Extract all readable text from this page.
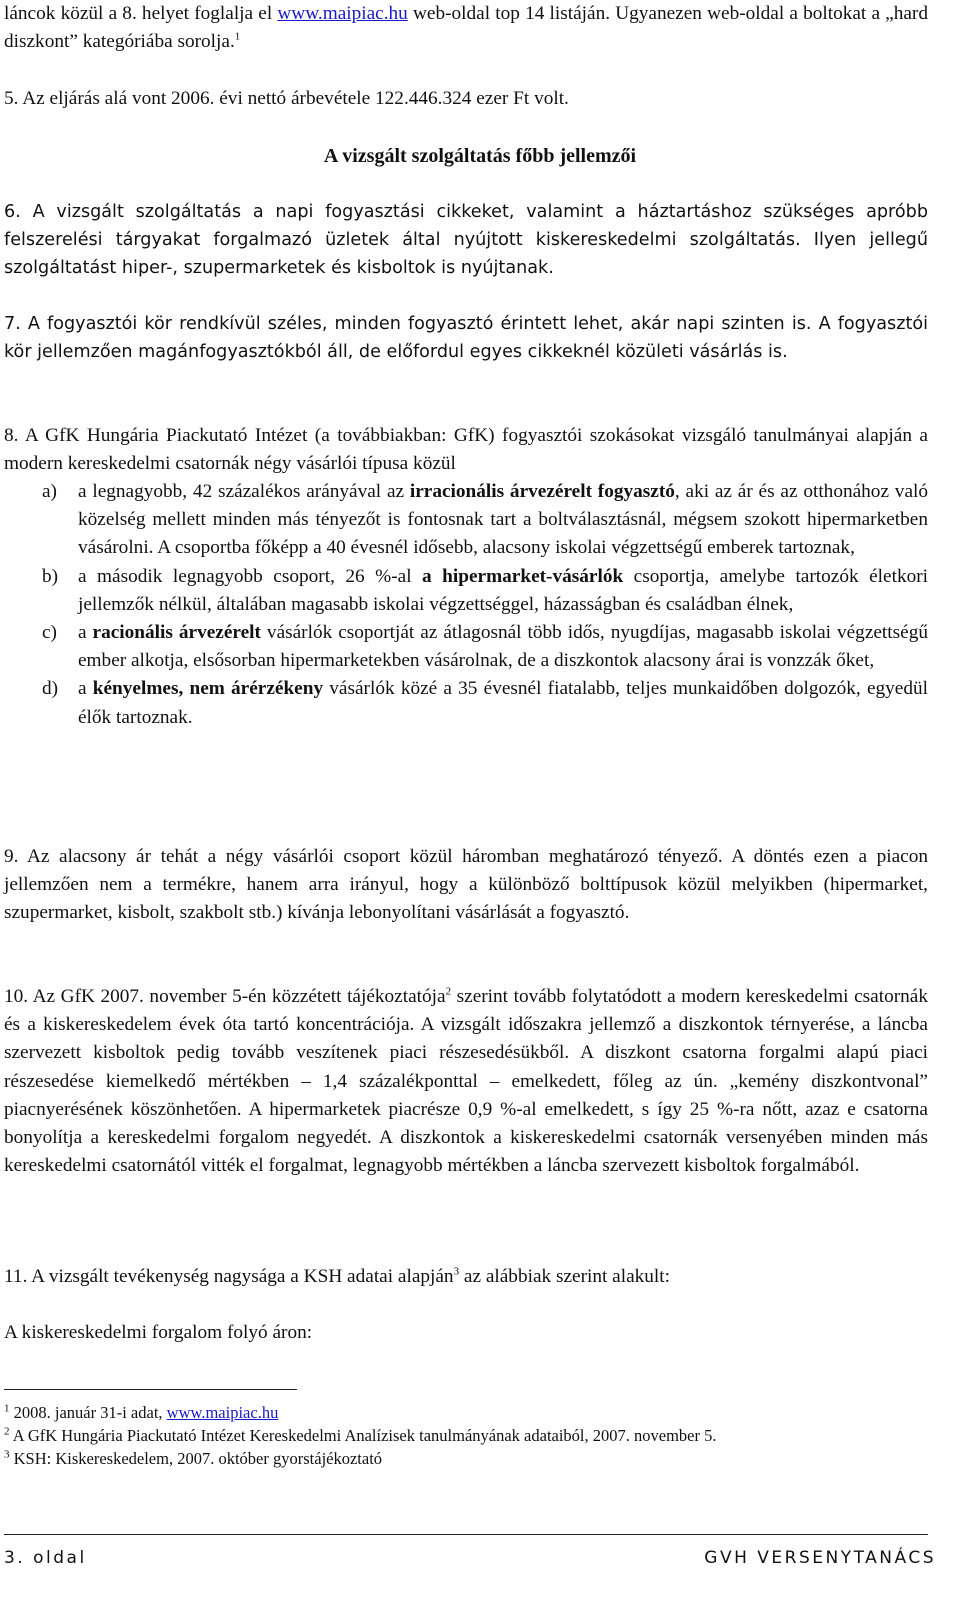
láncok közül a 8. helyet foglalja el www.maipiac.hu web-oldal top 14 listáján. Ugyanezen web-oldal a boltokat a „hard diszkont” kategóriába sorolja.$^1$

5. Az eljárás alá vont 2006. évi nettó árbevétele 122.446.324 ezer Ft volt.

A vizsgált szolgáltatás főbb jellemzői

6. A vizsgált szolgáltatás a napi fogyasztási cikkeket, valamint a háztartáshoz szükséges apróbb felszerelési tárgyakat forgalmazó üzletek által nyújtott kiskereskedelmi szolgáltatás. Ilyen jellegű szolgáltatást hiper-, szupermarketek és kisboltok is nyújtanak.

7. A fogyasztói kör rendkívül széles, minden fogyasztó érintett lehet, akár napi szinten is. A fogyasztói kör jellemzően magánfogyasztókból áll, de előfordul egyes cikkeknél közületi vásárlás is.

8. A GfK Hungária Piackutató Intézet (a továbbiakban: GfK) fogyasztói szokásokat vizsgáló tanulmányai alapján a modern kereskedelmi csatornák négy vásárlói típusa közül

a) a legnagyobb, 42 százalékos arányával az irracionális árvezérelt fogyasztó, aki az ár és az otthonához való közelség mellett minden más tényezőt is fontosnak tart a boltválasztásnál, mégsem szokott hipermarketben vásárolni. A csoportba főképp a 40 évesnél idősebb, alacsony iskolai végzettségű emberek tartoznak,
b) a második legnagyobb csoport, 26 %-al a hipermarket-vásárlók csoportja, amelybe tartozók életkori jellemzők nélkül, általában magasabb iskolai végzettséggel, házasságban és családban élnek,
c) a racionális árvezérelt vásárlók csoportját az átlagosnál több idős, nyugdíjas, magasabb iskolai végzettségű ember alkotja, elsősorban hipermarketekben vásárolnak, de a diszkontok alacsony árai is vonzzák őket,
d) a kényelmes, nem árérzékeny vásárlók közé a 35 évesnél fiatalabb, teljes munkaidőben dolgozók, egyedül élők tartoznak.

9. Az alacsony ár tehát a négy vásárlói csoport közül háromban meghatározó tényező. A döntés ezen a piacon jellemzően nem a termékre, hanem arra irányul, hogy a különböző bolttípusok közül melyikben (hipermarket, szupermarket, kisbolt, szakbolt stb.) kívánja lebonyolítani vásárlását a fogyasztó.

10. Az GfK 2007. november 5-én közzétett tájékoztatója$^2$ szerint tovább folytatódott a modern kereskedelmi csatornák és a kiskereskedelem évek óta tartó koncentrációja. A vizsgált időszakra jellemző a diszkontok térnyerése, a láncba szervezett kisboltok pedig tovább veszítenek piaci részesedésükből. A diszkont csatorna forgalmi alapú piaci részesedése kiemelkedő mértékben – 1,4 százalékponttal – emelkedett, főleg az ún. „kemény diszkontvonal” piacnyerésének köszönhetően. A hipermarketek piacrésze 0,9 %-al emelkedett, s így 25 %-ra nőtt, azaz e csatorna bonyolítja a kereskedelmi forgalom negyedét. A diszkontok a kiskereskedelmi csatornák versenyében minden más kereskedelmi csatornától vitték el forgalmat, legnagyobb mértékben a láncba szervezett kisboltok forgalmából.

11. A vizsgált tevékenység nagysága a KSH adatai alapján$^3$ az alábbiak szerint alakult:

A kiskereskedelmi forgalom folyó áron:

$^1$ 2008. január 31-i adat, www.maipiac.hu

$^2$ A GfK Hungária Piackutató Intézet Kereskedelmi Analízisek tanulmányának adataiból, 2007. november 5.

$^3$ KSH: Kiskereskedelem, 2007. október gyorstájékoztató

3. oldal	GVH VERSENYTANÁCS
